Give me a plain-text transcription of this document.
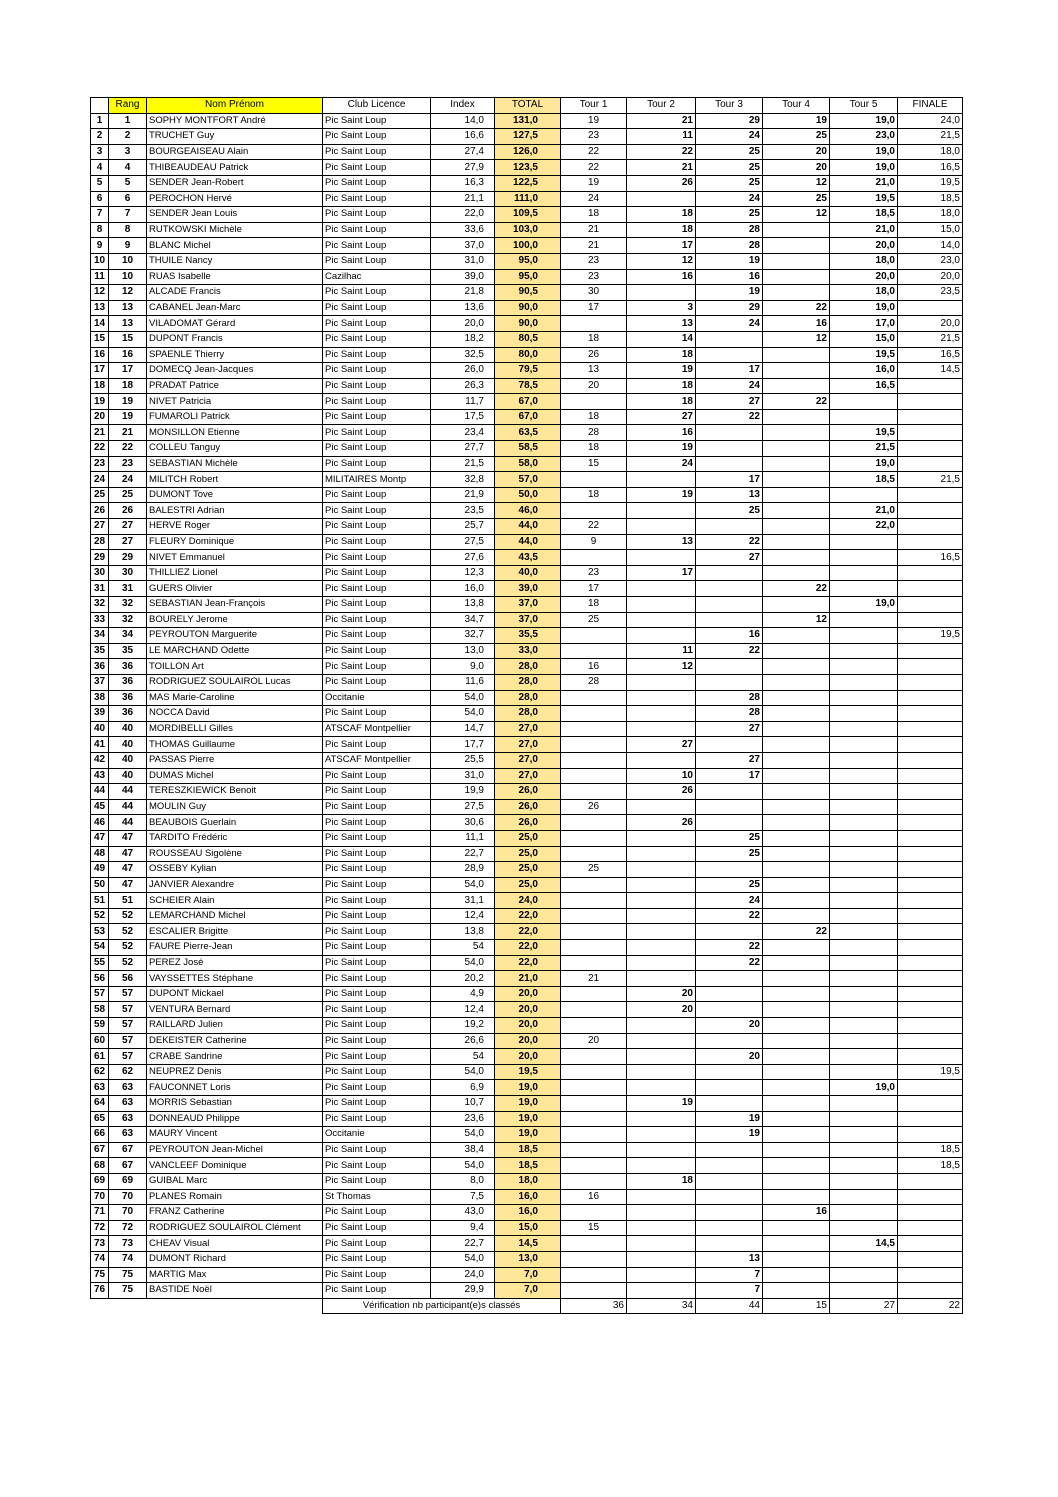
	Rang	Nom Prénom	Club Licence	Index	TOTAL	Tour 1	Tour 2	Tour 3	Tour 4	Tour 5	FINALE
1	1	SOPHY MONTFORT André	Pic Saint Loup	14,0	131,0	19	21	29	19	19,0	24,0
2	2	TRUCHET Guy	Pic Saint Loup	16,6	127,5	23	11	24	25	23,0	21,5
3	3	BOURGEAISEAU Alain	Pic Saint Loup	27,4	126,0	22	22	25	20	19,0	18,0
4	4	THIBEAUDEAU Patrick	Pic Saint Loup	27,9	123,5	22	21	25	20	19,0	16,5
5	5	SENDER Jean-Robert	Pic Saint Loup	16,3	122,5	19	26	25	12	21,0	19,5
6	6	PEROCHON Hervé	Pic Saint Loup	21,1	111,0	24		24	25	19,5	18,5
7	7	SENDER Jean Louis	Pic Saint Loup	22,0	109,5	18	18	25	12	18,5	18,0
8	8	RUTKOWSKI Michèle	Pic Saint Loup	33,6	103,0	21	18	28		21,0	15,0
9	9	BLANC Michel	Pic Saint Loup	37,0	100,0	21	17	28		20,0	14,0
10	10	THUILE Nancy	Pic Saint Loup	31,0	95,0	23	12	19		18,0	23,0
11	10	RUAS Isabelle	Cazilhac	39,0	95,0	23	16	16		20,0	20,0
12	12	ALCADE Francis	Pic Saint Loup	21,8	90,5	30		19		18,0	23,5
13	13	CABANEL Jean-Marc	Pic Saint Loup	13,6	90,0	17	3	29	22	19,0	
14	13	VILADOMAT Gérard	Pic Saint Loup	20,0	90,0		13	24	16	17,0	20,0
15	15	DUPONT Francis	Pic Saint Loup	18,2	80,5	18	14		12	15,0	21,5
16	16	SPAENLE Thierry	Pic Saint Loup	32,5	80,0	26	18			19,5	16,5
17	17	DOMECQ Jean-Jacques	Pic Saint Loup	26,0	79,5	13	19	17		16,0	14,5
18	18	PRADAT Patrice	Pic Saint Loup	26,3	78,5	20	18	24		16,5	
19	19	NIVET Patricia	Pic Saint Loup	11,7	67,0		18	27	22		
20	19	FUMAROLI Patrick	Pic Saint Loup	17,5	67,0	18	27	22			
21	21	MONSILLON Etienne	Pic Saint Loup	23,4	63,5	28	16			19,5	
22	22	COLLEU Tanguy	Pic Saint Loup	27,7	58,5	18	19			21,5	
23	23	SEBASTIAN Michèle	Pic Saint Loup	21,5	58,0	15	24			19,0	
24	24	MILITCH Robert	MILITAIRES Montp	32,8	57,0			17		18,5	21,5
25	25	DUMONT Tove	Pic Saint Loup	21,9	50,0	18	19	13			
26	26	BALESTRI Adrian	Pic Saint Loup	23,5	46,0			25		21,0	
27	27	HERVE Roger	Pic Saint Loup	25,7	44,0	22				22,0	
28	27	FLEURY Dominique	Pic Saint Loup	27,5	44,0	9	13	22			
29	29	NIVET Emmanuel	Pic Saint Loup	27,6	43,5			27			16,5
30	30	THILLIEZ Lionel	Pic Saint Loup	12,3	40,0	23	17				
31	31	GUERS Olivier	Pic Saint Loup	16,0	39,0	17			22		
32	32	SEBASTIAN Jean-François	Pic Saint Loup	13,8	37,0	18				19,0	
33	32	BOURELY Jerome	Pic Saint Loup	34,7	37,0	25			12		
34	34	PEYROUTON Marguerite	Pic Saint Loup	32,7	35,5			16			19,5
35	35	LE MARCHAND Odette	Pic Saint Loup	13,0	33,0		11	22			
36	36	TOILLON Art	Pic Saint Loup	9,0	28,0	16	12				
37	36	RODRIGUEZ SOULAIROL Lucas	Pic Saint Loup	11,6	28,0	28					
38	36	MAS Marie-Caroline	Occitanie	54,0	28,0			28			
39	36	NOCCA David	Pic Saint Loup	54,0	28,0			28			
40	40	MORDIBELLI Gilles	ATSCAF Montpellier	14,7	27,0			27			
41	40	THOMAS Guillaume	Pic Saint Loup	17,7	27,0		27				
42	40	PASSAS Pierre	ATSCAF Montpellier	25,5	27,0			27			
43	40	DUMAS Michel	Pic Saint Loup	31,0	27,0		10	17			
44	44	TERESZKIEWICK Benoit	Pic Saint Loup	19,9	26,0		26				
45	44	MOULIN Guy	Pic Saint Loup	27,5	26,0	26					
46	44	BEAUBOIS Guerlain	Pic Saint Loup	30,6	26,0		26				
47	47	TARDITO Frédéric	Pic Saint Loup	11,1	25,0			25			
48	47	ROUSSEAU Sigolène	Pic Saint Loup	22,7	25,0			25			
49	47	OSSEBY Kylian	Pic Saint Loup	28,9	25,0	25					
50	47	JANVIER Alexandre	Pic Saint Loup	54,0	25,0			25			
51	51	SCHEIER Alain	Pic Saint Loup	31,1	24,0			24			
52	52	LEMARCHAND Michel	Pic Saint Loup	12,4	22,0			22			
53	52	ESCALIER Brigitte	Pic Saint Loup	13,8	22,0				22		
54	52	FAURE Pierre-Jean	Pic Saint Loup	54	22,0			22			
55	52	PEREZ José	Pic Saint Loup	54,0	22,0			22			
56	56	VAYSSETTES Stéphane	Pic Saint Loup	20,2	21,0	21					
57	57	DUPONT Mickael	Pic Saint Loup	4,9	20,0		20				
58	57	VENTURA Bernard	Pic Saint Loup	12,4	20,0		20				
59	57	RAILLARD Julien	Pic Saint Loup	19,2	20,0			20			
60	57	DEKEISTER Catherine	Pic Saint Loup	26,6	20,0	20					
61	57	CRABE Sandrine	Pic Saint Loup	54	20,0			20			
62	62	NEUPREZ Denis	Pic Saint Loup	54,0	19,5						19,5
63	63	FAUCONNET Loris	Pic Saint Loup	6,9	19,0					19,0	
64	63	MORRIS Sebastian	Pic Saint Loup	10,7	19,0		19				
65	63	DONNEAUD Philippe	Pic Saint Loup	23,6	19,0			19			
66	63	MAURY Vincent	Occitanie	54,0	19,0			19			
67	67	PEYROUTON Jean-Michel	Pic Saint Loup	38,4	18,5						18,5
68	67	VANCLEEF Dominique	Pic Saint Loup	54,0	18,5						18,5
69	69	GUIBAL Marc	Pic Saint Loup	8,0	18,0		18				
70	70	PLANES Romain	St Thomas	7,5	16,0	16					
71	70	FRANZ Catherine	Pic Saint Loup	43,0	16,0				16		
72	72	RODRIGUEZ SOULAIROL Clément	Pic Saint Loup	9,4	15,0	15					
73	73	CHEAV Visual	Pic Saint Loup	22,7	14,5					14,5	
74	74	DUMONT Richard	Pic Saint Loup	54,0	13,0			13			
75	75	MARTIG Max	Pic Saint Loup	24,0	7,0			7			
76	75	BASTIDE Noël	Pic Saint Loup	29,9	7,0			7			
			Vérification nb participant(e)s classés			36	34	44	15	27	22
